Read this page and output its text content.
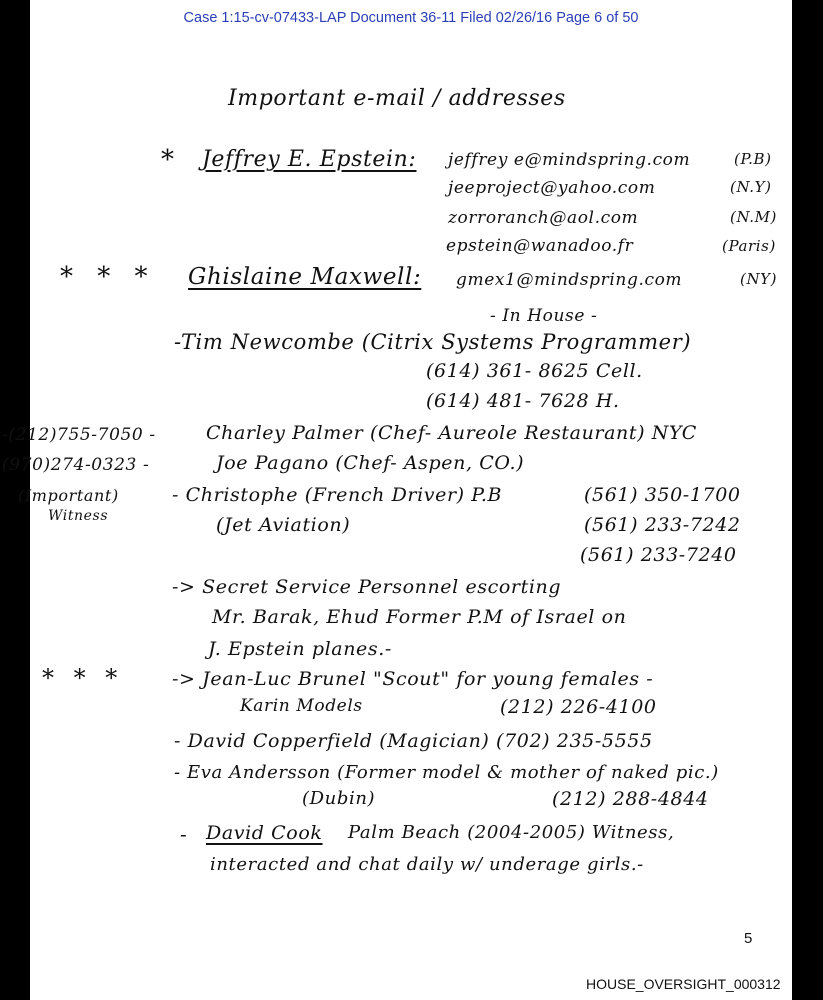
Case 1:15-cv-07433-LAP Document 36-11 Filed 02/26/16 Page 6 of 50
Important e-mail / addresses
* Jeffrey E. Epstein: jeffrey e@mindspring.com	(P.B)
jeeproject@yahoo.com	(N.Y)
zorroranch@aol.com	(N.M)
epstein@wanadoo.fr	(Paris)
* * * Ghislaine Maxwell: gmex1@mindspring.com	(NY)
- In House -
-Tim Newcombe (Citrix Systems Programmer)
(614) 361- 8625 Cell.
(614) 481- 7628 H.
-(212)755-7050 -	Charley Palmer (Chef- Aureole Restaurant) NYC
(970)274-0323 -	Joe Pagano (Chef- Aspen, CO.)
(Important)
Witness
- Christophe (French Driver) P.B	(561) 350-1700
(Jet Aviation)	(561) 233-7242
(561) 233-7240
-> Secret Service Personnel escorting
Mr. Barak, Ehud Former P.M of Israel on
J. Epstein planes.-
* * *	-> Jean-Luc Brunel "Scout" for young females -
Karin Models	(212) 226-4100
- David Copperfield (Magician) (702) 235-5555
- Eva Andersson (Former model & mother of naked pic.)
(Dubin)	(212) 288-4844
- David Cook Palm Beach (2004-2005) Witness,
interacted and chat daily w/ underage girls.-
5
HOUSE_OVERSIGHT_000312
